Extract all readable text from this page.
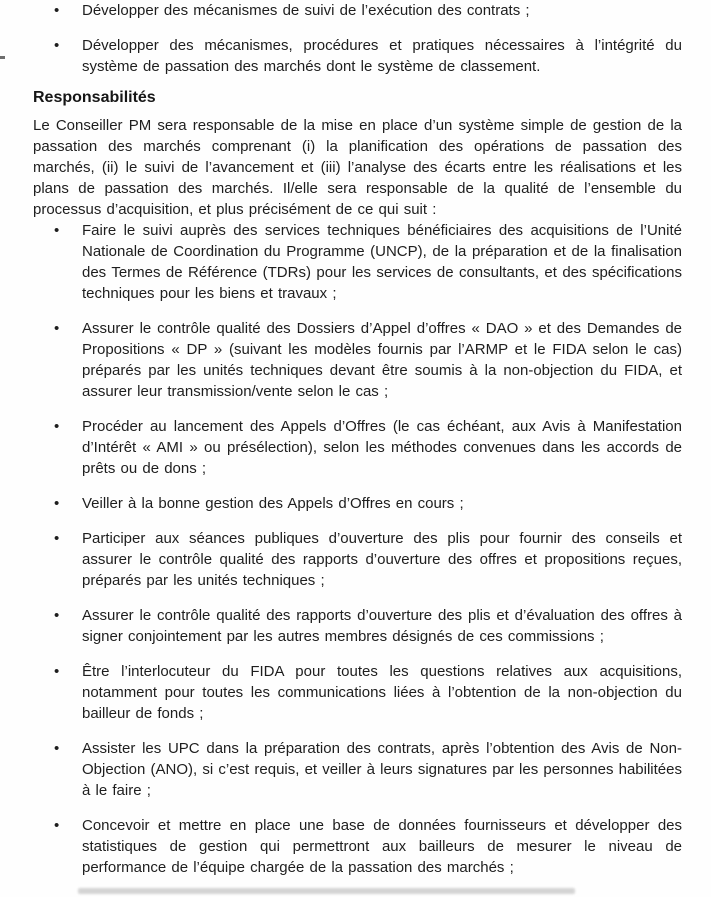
•	Développer des mécanismes de suivi de l’exécution des contrats ;
•	Développer des mécanismes, procédures et pratiques nécessaires à l’intégrité du système de passation des marchés dont le système de classement.
Responsabilités

Le Conseiller PM sera responsable de la mise en place d’un système simple de gestion de la passation des marchés comprenant (i) la planification des opérations de passation des marchés, (ii) le suivi de l’avancement et (iii) l’analyse des écarts entre les réalisations et les plans de passation des marchés. Il/elle sera responsable de la qualité de l’ensemble du processus d’acquisition, et plus précisément de ce qui suit :

•	Faire le suivi auprès des services techniques bénéficiaires des acquisitions de l’Unité Nationale de Coordination du Programme (UNCP), de la préparation et de la finalisation des Termes de Référence (TDRs) pour les services de consultants, et des spécifications techniques pour les biens et travaux ;
•	Assurer le contrôle qualité des Dossiers d’Appel d’offres « DAO » et des Demandes de Propositions « DP » (suivant les modèles fournis par l’ARMP et le FIDA selon le cas) préparés par les unités techniques devant être soumis à la non-objection du FIDA, et assurer leur transmission/vente selon le cas ;
•	Procéder au lancement des Appels d’Offres (le cas échéant, aux Avis à Manifestation d’Intérêt « AMI » ou présélection), selon les méthodes convenues dans les accords de prêts ou de dons ;
•	Veiller à la bonne gestion des Appels d’Offres en cours ;
•	Participer aux séances publiques d’ouverture des plis pour fournir des conseils et assurer le contrôle qualité des rapports d’ouverture des offres et propositions reçues, préparés par les unités techniques ;
•	Assurer le contrôle qualité des rapports d’ouverture des plis et d’évaluation des offres à signer conjointement par les autres membres désignés de ces commissions ;
•	Être l’interlocuteur du FIDA pour toutes les questions relatives aux acquisitions, notamment pour toutes les communications liées à l’obtention de la non-objection du bailleur de fonds ;
•	Assister les UPC dans la préparation des contrats, après l’obtention des Avis de Non-Objection (ANO), si c’est requis, et veiller à leurs signatures par les personnes habilitées à le faire ;
•	Concevoir et mettre en place une base de données fournisseurs et développer des statistiques de gestion qui permettront aux bailleurs de mesurer le niveau de performance de l’équipe chargée de la passation des marchés ;
